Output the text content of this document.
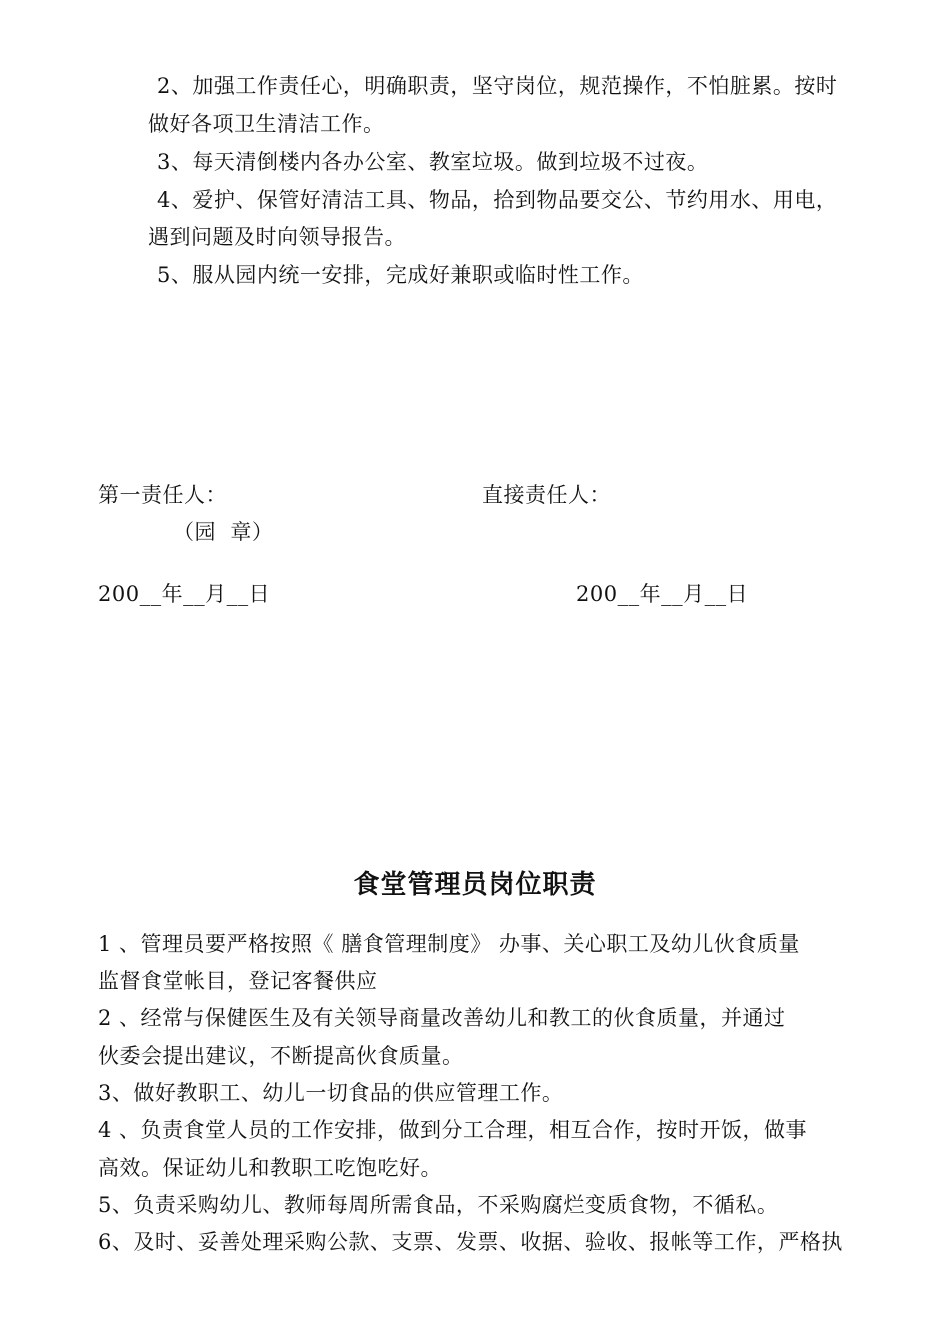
2、加强工作责任心，明确职责，坚守岗位，规范操作，不怕脏累。按时
做好各项卫生清洁工作。
3、每天清倒楼内各办公室、教室垃圾。做到垃圾不过夜。
4、爱护、保管好清洁工具、物品，拾到物品要交公、节约用水、用电，
遇到问题及时向领导报告。
5、服从园内统一安排，完成好兼职或临时性工作。
第一责任人：	直接责任人：
（园  章）
200__年__月__日	200__年__月__日
食堂管理员岗位职责
1 、管理员要严格按照《 膳食管理制度》 办事、关心职工及幼儿伙食质量
监督食堂帐目，登记客餐供应
2 、经常与保健医生及有关领导商量改善幼儿和教工的伙食质量，并通过
伙委会提出建议，不断提高伙食质量。
3、做好教职工、幼儿一切食品的供应管理工作。
4 、负责食堂人员的工作安排，做到分工合理，相互合作，按时开饭，做事
高效。保证幼儿和教职工吃饱吃好。
5、负责采购幼儿、教师每周所需食品，不采购腐烂变质食物，不循私。
6、及时、妥善处理采购公款、支票、发票、收据、验收、报帐等工作，严格执
